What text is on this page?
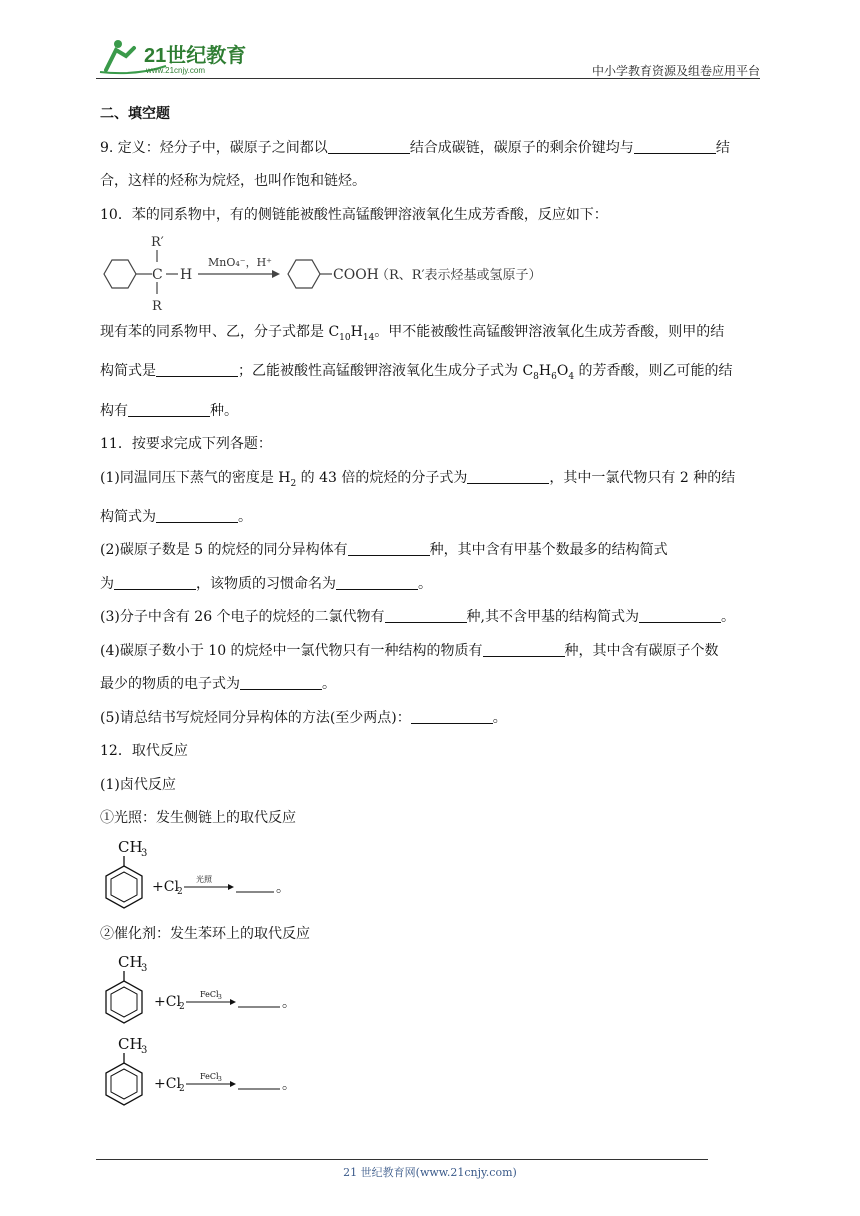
21世纪教育
www.21cnjy.com	中小学教育资源及组卷应用平台
二、填空题
9. 定义：烃分子中，碳原子之间都以	结合成碳链，碳原子的剩余价键均与	结
合，这样的烃称为烷烃，也叫作饱和链烃。
10．苯的同系物中，有的侧链能被酸性高锰酸钾溶液氧化生成芳香酸，反应如下：
C H
R′
R
MnO₄⁻，H⁺
COOH
（R、R′表示烃基或氢原子）
现有苯的同系物甲、乙，分子式都是 $C_{10}H_{14}$。甲不能被酸性高锰酸钾溶液氧化生成芳香酸，则甲的结
构简式是	；乙能被酸性高锰酸钾溶液氧化生成分子式为 $C_8H_6O_4$ 的芳香酸，则乙可能的结
构有	种。
11．按要求完成下列各题：
(1)同温同压下蒸气的密度是 $H_2$ 的 43 倍的烷烃的分子式为	，其中一氯代物只有 2 种的结
构简式为	。
(2)碳原子数是 5 的烷烃的同分异构体有	种，其中含有甲基个数最多的结构简式
为	，该物质的习惯命名为	。
(3)分子中含有 26 个电子的烷烃的二氯代物有	种,其不含甲基的结构简式为	。
(4)碳原子数小于 10 的烷烃中一氯代物只有一种结构的物质有	种，其中含有碳原子个数
最少的物质的电子式为	。
(5)请总结书写烷烃同分异构体的方法(至少两点)：	。
12．取代反应
(1)卤代反应
①光照：发生侧链上的取代反应
CH
3
+Cl
2
光照
。
②催化剂：发生苯环上的取代反应
CH
3
+Cl
2
FeCl 3	。
CH
3
+Cl
2
FeCl 3	。
21 世纪教育网(www.21cnjy.com)
